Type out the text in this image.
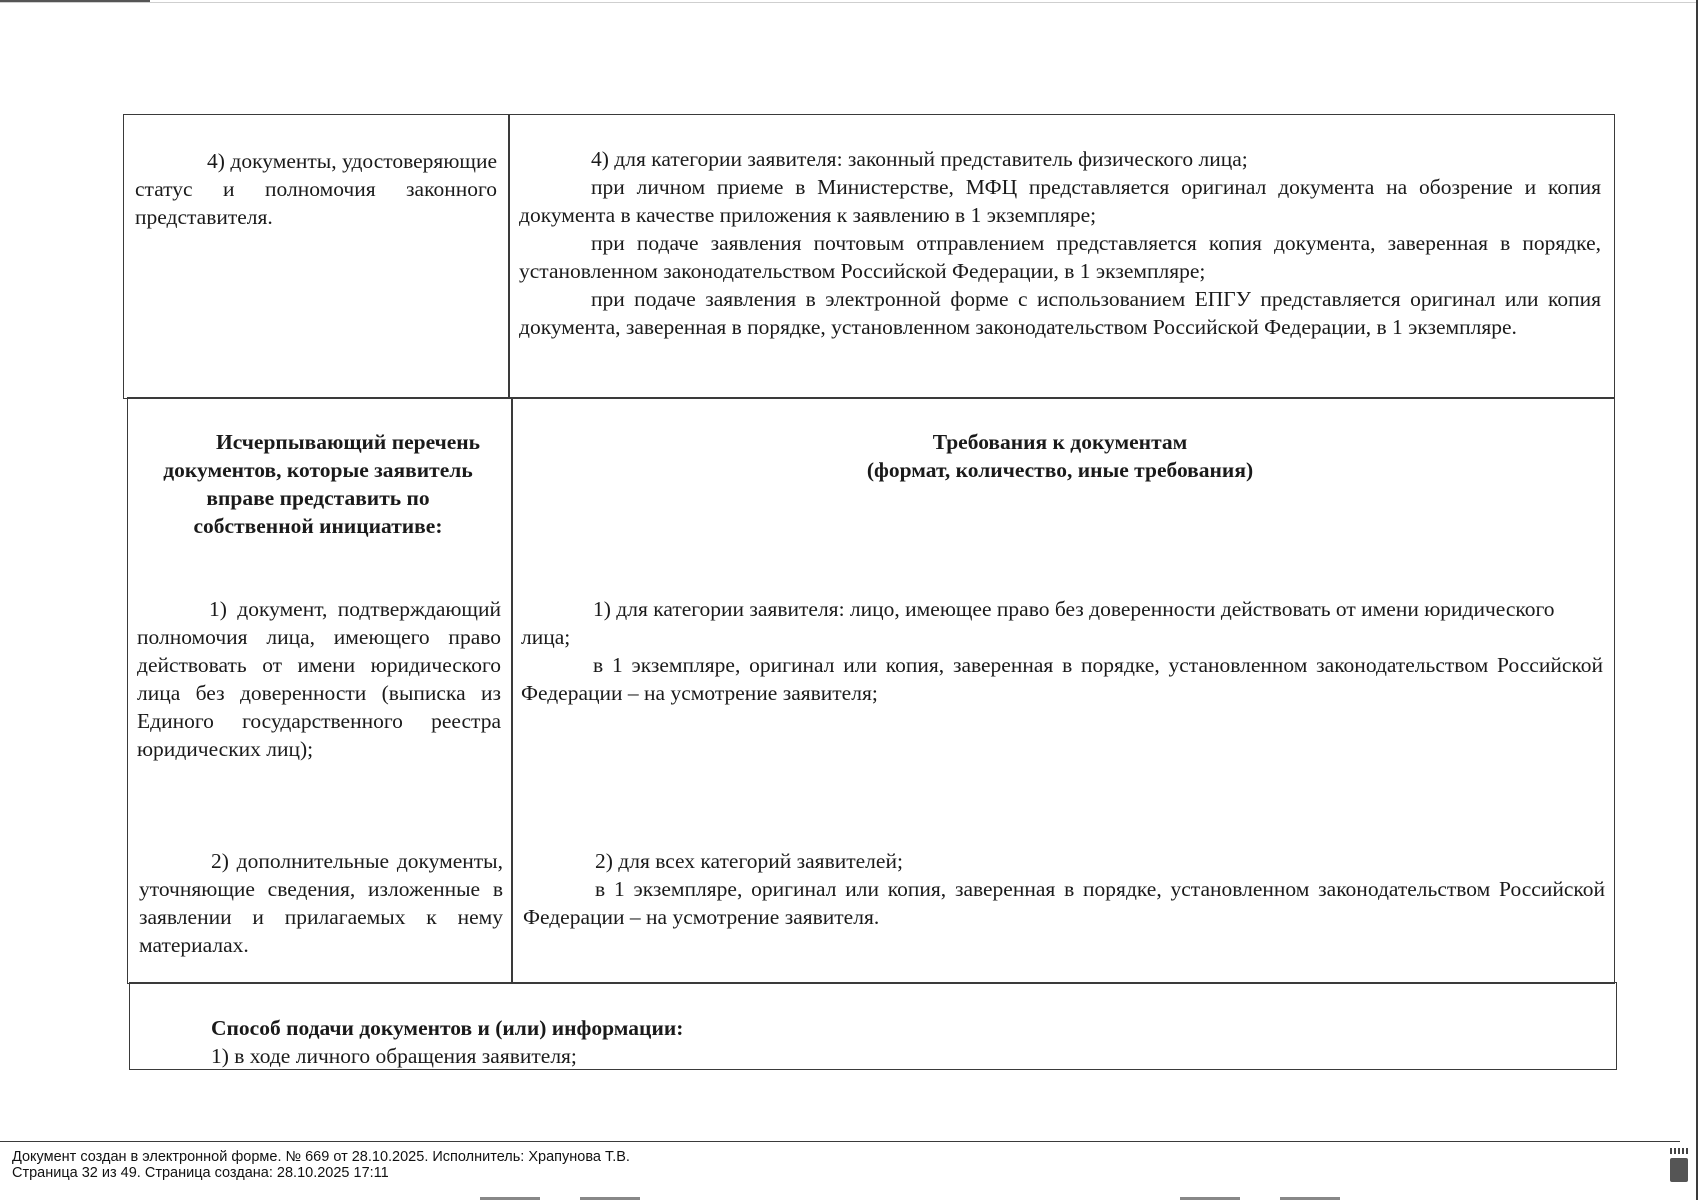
4) документы, удостоверяющие статус и полномочия законного представителя.

4) для категории заявителя: законный представитель физического лица;

при личном приеме в Министерстве, МФЦ представляется оригинал документа на обозрение и копия документа в качестве приложения к заявлению в 1 экземпляре;

при подаче заявления почтовым отправлением представляется копия документа, заверенная в порядке, установленном законодательством Российской Федерации, в 1 экземпляре;

при подаче заявления в электронной форме с использованием ЕПГУ представляется оригинал или копия документа, заверенная в порядке, установленном законодательством Российской Федерации, в 1 экземпляре.

Исчерпывающий перечень документов, которые заявитель вправе представить по собственной инициативе:
Требования к документам
(формат, количество, иные требования)
1) документ, подтверждающий полномочия лица, имеющего право действовать от имени юридического лица без доверенности (выписка из Единого государственного реестра юридических лиц);
2) дополнительные документы, уточняющие сведения, изложенные в заявлении и прилагаемых к нему материалах.

1) для категории заявителя: лицо, имеющее право без доверенности действовать от имени юридического лица;

в 1 экземпляре, оригинал или копия, заверенная в порядке, установленном законодательством Российской Федерации – на усмотрение заявителя;

2) для всех категорий заявителей;

в 1 экземпляре, оригинал или копия, заверенная в порядке, установленном законодательством Российской Федерации – на усмотрение заявителя.

Способ подачи документов и (или) информации:
1) в ходе личного обращения заявителя;
Документ создан в электронной форме. № 669 от 28.10.2025. Исполнитель: Храпунова Т.В.
Страница 32 из 49. Страница создана: 28.10.2025 17:11
